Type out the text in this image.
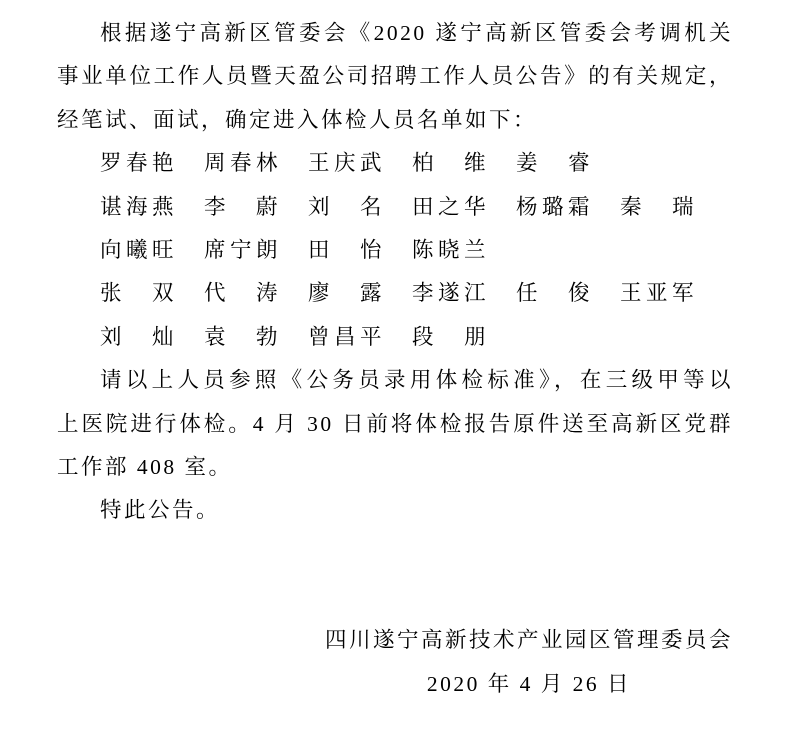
根据遂宁高新区管委会《2020 遂宁高新区管委会考调机关
事业单位工作人员暨天盈公司招聘工作人员公告》的有关规定，
经笔试、面试，确定进入体检人员名单如下：
罗春艳　周春林　王庆武　柏　维　姜　睿
谌海燕　李　蔚　刘　名　田之华　杨璐霜　秦　瑞
向曦旺　席宁朗　田　怡　陈晓兰
张　双　代　涛　廖　露　李遂江　任　俊　王亚军
刘　灿　袁　勃　曾昌平　段　朋
请以上人员参照《公务员录用体检标准》，在三级甲等以
上医院进行体检。4 月 30 日前将体检报告原件送至高新区党群
工作部 408 室。
特此公告。
四川遂宁高新技术产业园区管理委员会
2020 年 4 月 26 日
